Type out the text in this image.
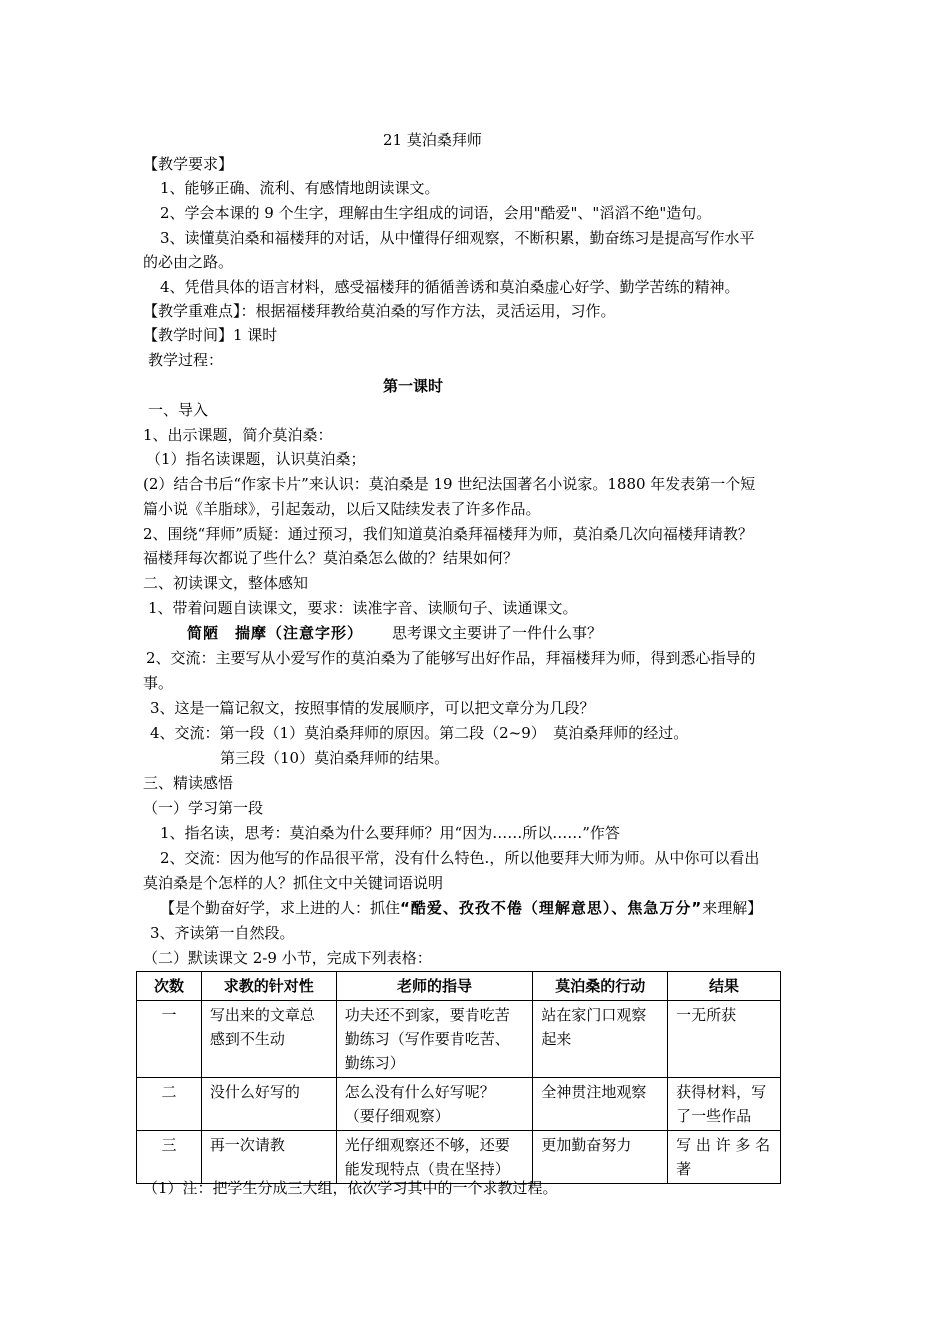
21 莫泊桑拜师
【教学要求】
1、能够正确、流利、有感情地朗读课文。
2、学会本课的 9 个生字，理解由生字组成的词语，会用"酷爱"、"滔滔不绝"造句。
3、读懂莫泊桑和福楼拜的对话，从中懂得仔细观察，不断积累，勤奋练习是提高写作水平
的必由之路。
4、凭借具体的语言材料，感受福楼拜的循循善诱和莫泊桑虚心好学、勤学苦练的精神。
【教学重难点】：根据福楼拜教给莫泊桑的写作方法，灵活运用，习作。
【教学时间】1 课时
教学过程：
第一课时
一、导入
1、出示课题，简介莫泊桑：
（1）指名读课题，认识莫泊桑；
(2）结合书后“作家卡片”来认识：莫泊桑是 19 世纪法国著名小说家。1880 年发表第一个短
篇小说《羊脂球》，引起轰动，以后又陆续发表了许多作品。
2、围绕“拜师”质疑：通过预习，我们知道莫泊桑拜福楼拜为师，莫泊桑几次向福楼拜请教？
福楼拜每次都说了些什么？莫泊桑怎么做的？结果如何？
二、初读课文，整体感知
1、带着问题自读课文，要求：读准字音、读顺句子、读通课文。
简陋　揣摩（注意字形）	思考课文主要讲了一件什么事？
2、交流：主要写从小爱写作的莫泊桑为了能够写出好作品，拜福楼拜为师，得到悉心指导的
事。
3、这是一篇记叙文，按照事情的发展顺序，可以把文章分为几段？
4、交流：第一段（1）莫泊桑拜师的原因。第二段（2~9）　莫泊桑拜师的经过。
第三段（10）莫泊桑拜师的结果。
三、精读感悟
（一）学习第一段
1、指名读，思考：莫泊桑为什么要拜师？用“因为……所以……”作答
2、交流：因为他写的作品很平常，没有什么特色.，所以他要拜大师为师。从中你可以看出
莫泊桑是个怎样的人？抓住文中关键词语说明
【是个勤奋好学，求上进的人：抓住“酷爱、孜孜不倦（理解意思）、焦急万分”来理解】
3、齐读第一自然段。
（二）默读课文 2-9 小节，完成下列表格：
次数	求教的针对性	老师的指导	莫泊桑的行动	结果
一	写出来的文章总感到不生动	功夫还不到家，要肯吃苦勤练习（写作要肯吃苦、勤练习）	站在家门口观察起来	一无所获
二	没什么好写的	怎么没有什么好写呢？（要仔细观察）	全神贯注地观察	获得材料，写了一些作品
三	再一次请教	光仔细观察还不够，还要能发现特点（贵在坚持）	更加勤奋努力	写 出 许 多 名著
（1）注：把学生分成三大组，依次学习其中的一个求教过程。
